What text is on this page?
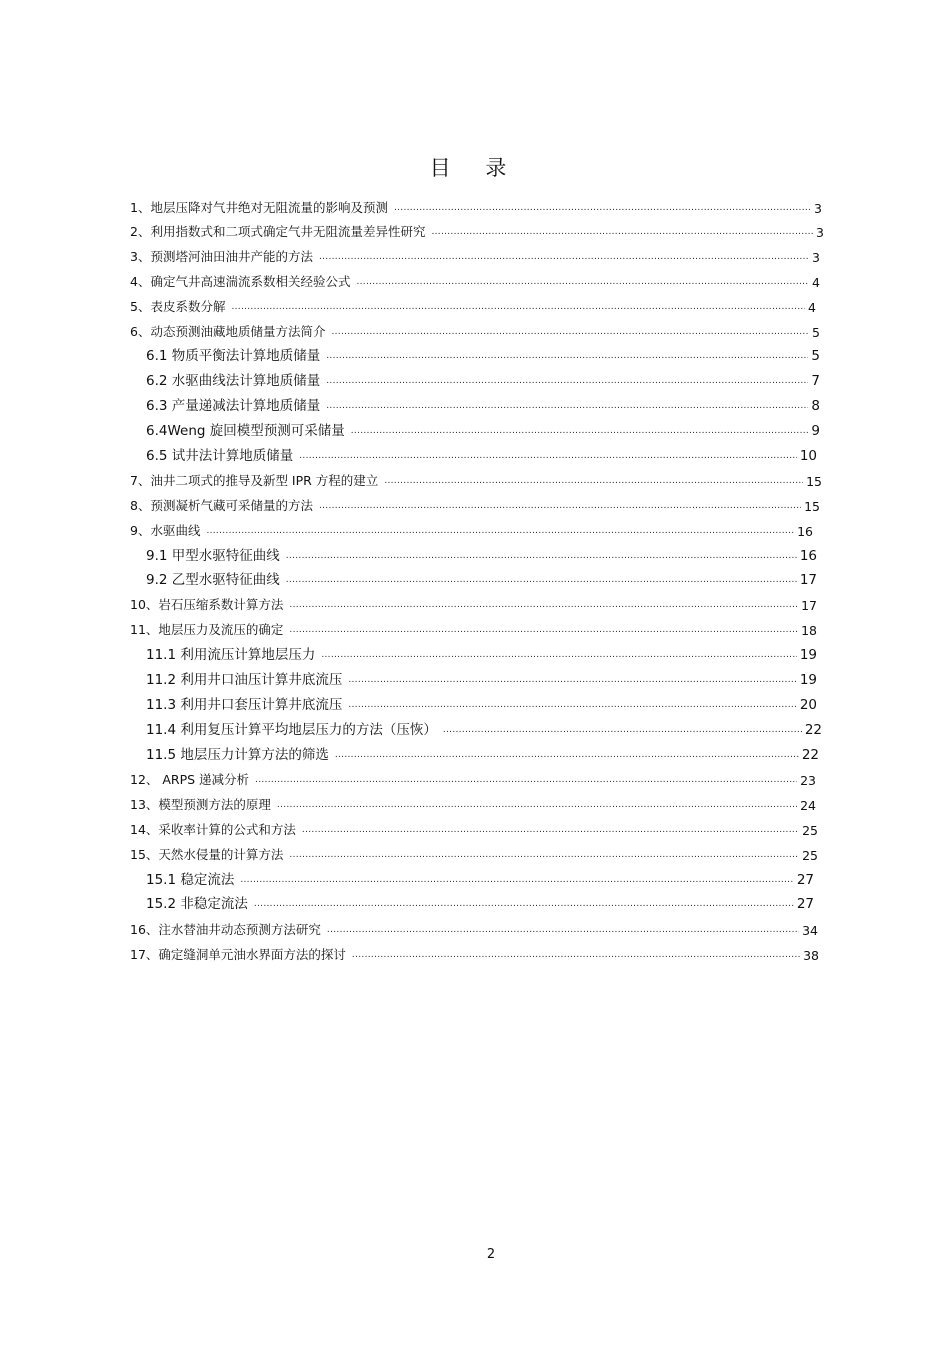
目 录
1、地层压降对气井绝对无阻流量的影响及预测 .....	3
2、利用指数式和二项式确定气井无阻流量差异性研究 .....	3
3、预测塔河油田油井产能的方法 .....	3
4、确定气井高速湍流系数相关经验公式 .....	4
5、表皮系数分解 .....	4
6、动态预测油藏地质储量方法简介 .....	5
6.1 物质平衡法计算地质储量 .....	5
6.2 水驱曲线法计算地质储量 .....	7
6.3 产量递减法计算地质储量 .....	8
6.4Weng 旋回模型预测可采储量 .....	9
6.5 试井法计算地质储量 .....	10
7、油井二项式的推导及新型 IPR 方程的建立 .....	15
8、预测凝析气藏可采储量的方法 .....	15
9、水驱曲线 .....	16
9.1 甲型水驱特征曲线 .....	16
9.2 乙型水驱特征曲线 .....	17
10、岩石压缩系数计算方法 .....	17
11、地层压力及流压的确定 .....	18
11.1 利用流压计算地层压力 .....	19
11.2 利用井口油压计算井底流压 .....	19
11.3 利用井口套压计算井底流压 .....	20
11.4 利用复压计算平均地层压力的方法（压恢） .....	22
11.5 地层压力计算方法的筛选 .....	22
12、 ARPS 递减分析 .....	23
13、模型预测方法的原理 .....	24
14、采收率计算的公式和方法 .....	25
15、天然水侵量的计算方法 .....	25
15.1 稳定流法 .....	27
15.2 非稳定流法 .....	27
16、注水替油井动态预测方法研究 .....	34
17、确定缝洞单元油水界面方法的探讨 .....	38
2
